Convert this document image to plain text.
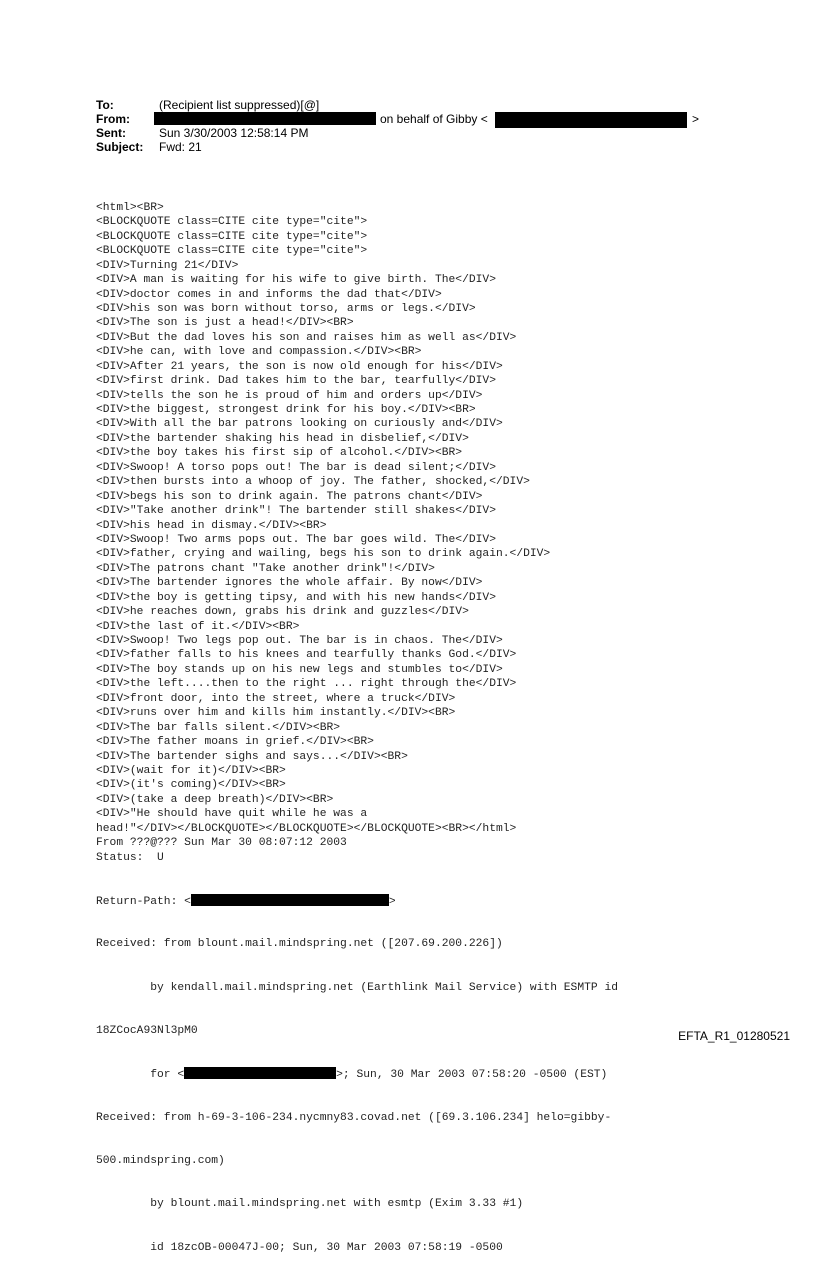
To:	(Recipient list suppressed)[@]
From:	on behalf of Gibby <	>
Sent:	Sun 3/30/2003 12:58:14 PM
Subject: Fwd: 21

<html><BR>
<BLOCKQUOTE class=CITE cite type="cite">
<BLOCKQUOTE class=CITE cite type="cite">
<BLOCKQUOTE class=CITE cite type="cite">
<DIV>Turning 21</DIV>
<DIV>A man is waiting for his wife to give birth. The</DIV>
<DIV>doctor comes in and informs the dad that</DIV>
<DIV>his son was born without torso, arms or legs.</DIV>
<DIV>The son is just a head!</DIV><BR>
<DIV>But the dad loves his son and raises him as well as</DIV>
<DIV>he can, with love and compassion.</DIV><BR>
<DIV>After 21 years, the son is now old enough for his</DIV>
<DIV>first drink. Dad takes him to the bar, tearfully</DIV>
<DIV>tells the son he is proud of him and orders up</DIV>
<DIV>the biggest, strongest drink for his boy.</DIV><BR>
<DIV>With all the bar patrons looking on curiously and</DIV>
<DIV>the bartender shaking his head in disbelief,</DIV>
<DIV>the boy takes his first sip of alcohol.</DIV><BR>
<DIV>Swoop! A torso pops out! The bar is dead silent;</DIV>
<DIV>then bursts into a whoop of joy. The father, shocked,</DIV>
<DIV>begs his son to drink again. The patrons chant</DIV>
<DIV>"Take another drink"! The bartender still shakes</DIV>
<DIV>his head in dismay.</DIV><BR>
<DIV>Swoop! Two arms pops out. The bar goes wild. The</DIV>
<DIV>father, crying and wailing, begs his son to drink again.</DIV>
<DIV>The patrons chant "Take another drink"!</DIV>
<DIV>The bartender ignores the whole affair. By now</DIV>
<DIV>the boy is getting tipsy, and with his new hands</DIV>
<DIV>he reaches down, grabs his drink and guzzles</DIV>
<DIV>the last of it.</DIV><BR>
<DIV>Swoop! Two legs pop out. The bar is in chaos. The</DIV>
<DIV>father falls to his knees and tearfully thanks God.</DIV>
<DIV>The boy stands up on his new legs and stumbles to</DIV>
<DIV>the left....then to the right ... right through the</DIV>
<DIV>front door, into the street, where a truck</DIV>
<DIV>runs over him and kills him instantly.</DIV><BR>
<DIV>The bar falls silent.</DIV><BR>
<DIV>The father moans in grief.</DIV><BR>
<DIV>The bartender sighs and says...</DIV><BR>
<DIV>(wait for it)</DIV><BR>
<DIV>(it's coming)</DIV><BR>
<DIV>(take a deep breath)</DIV><BR>
<DIV>"He should have quit while he was a
head!"</DIV></BLOCKQUOTE></BLOCKQUOTE></BLOCKQUOTE><BR></html>
From ???@??? Sun Mar 30 08:07:12 2003
Status:  U

Return-Path: <	>

Received: from blount.mail.mindspring.net ([207.69.200.226])

by kendall.mail.mindspring.net (Earthlink Mail Service) with ESMTP id

18ZCocA93Nl3pM0

for <	>; Sun, 30 Mar 2003 07:58:20 -0500 (EST)

Received: from h-69-3-106-234.nycmny83.covad.net ([69.3.106.234] helo=gibby-

500.mindspring.com)

by blount.mail.mindspring.net with esmtp (Exim 3.33 #1)

id 18zcOB-00047J-00; Sun, 30 Mar 2003 07:58:19 -0500

EFTA_R1_01280521
